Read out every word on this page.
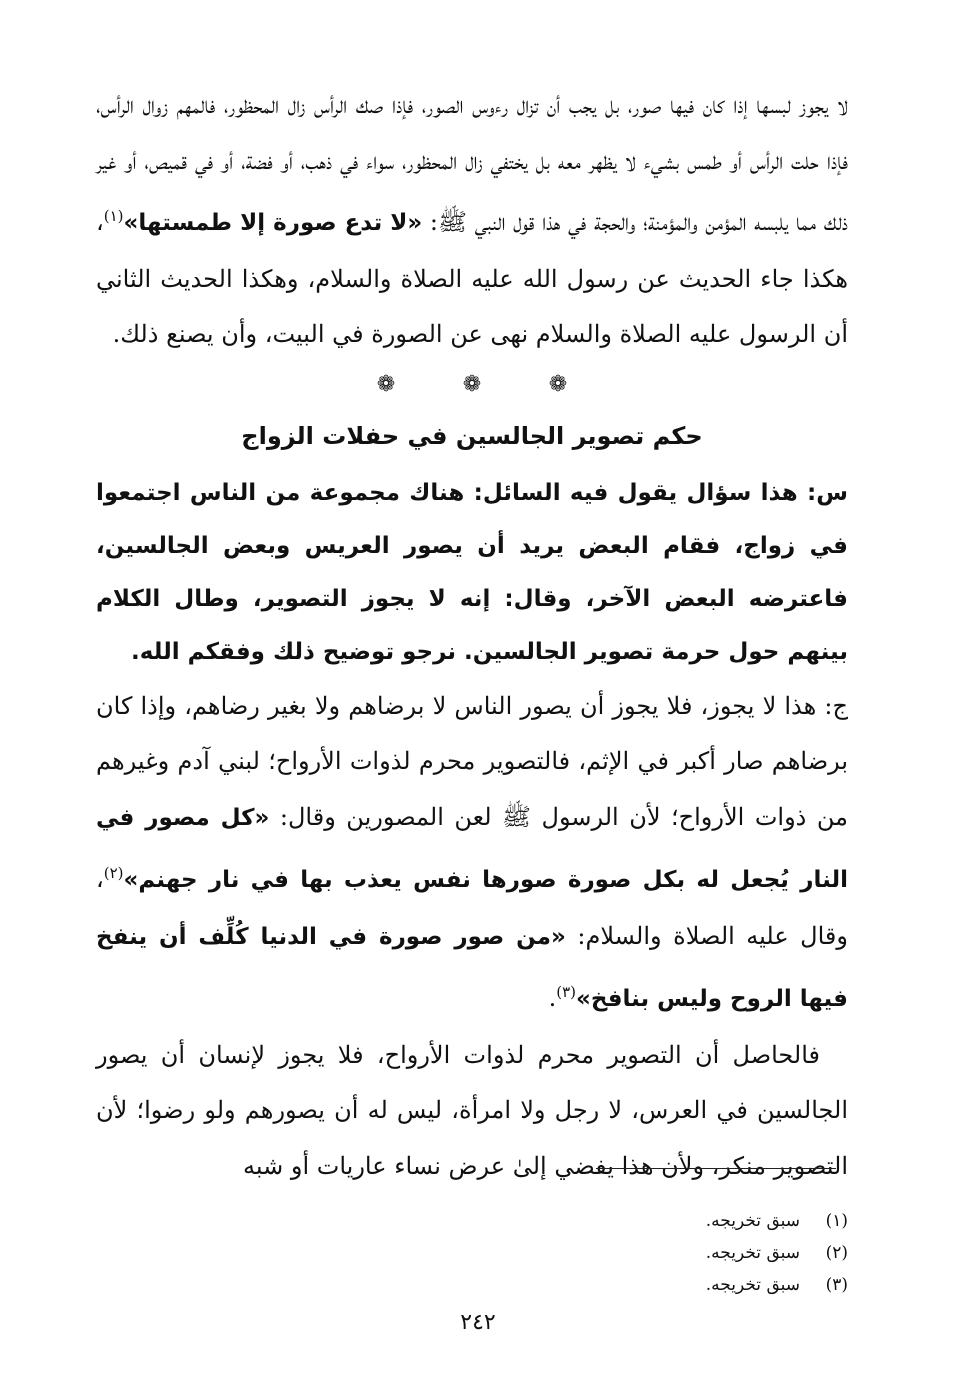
لا يجوز لبسها إذا كان فيها صور، بل يجب أن تزال رءوس الصور، فإذا صك الرأس زال المحظور، فالمهم زوال الرأس، فإذا حلت الرأس أو طمس بشيء لا يظهر معه بل يختفي زال المحظور، سواء في ذهب، أو فضة، أو في قميص، أو غير ذلك مما يلبسه المؤمن والمؤمنة؛ والحجة في هذا قول النبي ﷺ: «لا تدع صورة إلا طمستها»$^{(١)}$، هكذا جاء الحديث عن رسول الله عليه الصلاة والسلام، وهكذا الحديث الثاني أن الرسول عليه الصلاة والسلام نهى عن الصورة في البيت، وأن يصنع ذلك.

❁❁❁
حكم تصوير الجالسين في حفلات الزواج

س: هذا سؤال يقول فيه السائل: هناك مجموعة من الناس اجتمعوا في زواج، فقام البعض يريد أن يصور العريس وبعض الجالسين، فاعترضه البعض الآخر، وقال: إنه لا يجوز التصوير، وطال الكلام بينهم حول حرمة تصوير الجالسين. نرجو توضيح ذلك وفقكم الله.

ج: هذا لا يجوز، فلا يجوز أن يصور الناس لا برضاهم ولا بغير رضاهم، وإذا كان برضاهم صار أكبر في الإثم، فالتصوير محرم لذوات الأرواح؛ لبني آدم وغيرهم من ذوات الأرواح؛ لأن الرسول ﷺ لعن المصورين وقال: «كل مصور في النار يُجعل له بكل صورة صورها نفس يعذب بها في نار جهنم»$^{(٢)}$، وقال عليه الصلاة والسلام: «من صور صورة في الدنيا كُلِّف أن ينفخ فيها الروح وليس بنافخ»$^{(٣)}$.

فالحاصل أن التصوير محرم لذوات الأرواح، فلا يجوز لإنسان أن يصور الجالسين في العرس، لا رجل ولا امرأة، ليس له أن يصورهم ولو رضوا؛ لأن التصوير منكر، ولأن هذا يفضي إلىٰ عرض نساء عاريات أو شبه

(١)سبق تخريجه.
(٢)سبق تخريجه.
(٣)سبق تخريجه.
٢٤٢
